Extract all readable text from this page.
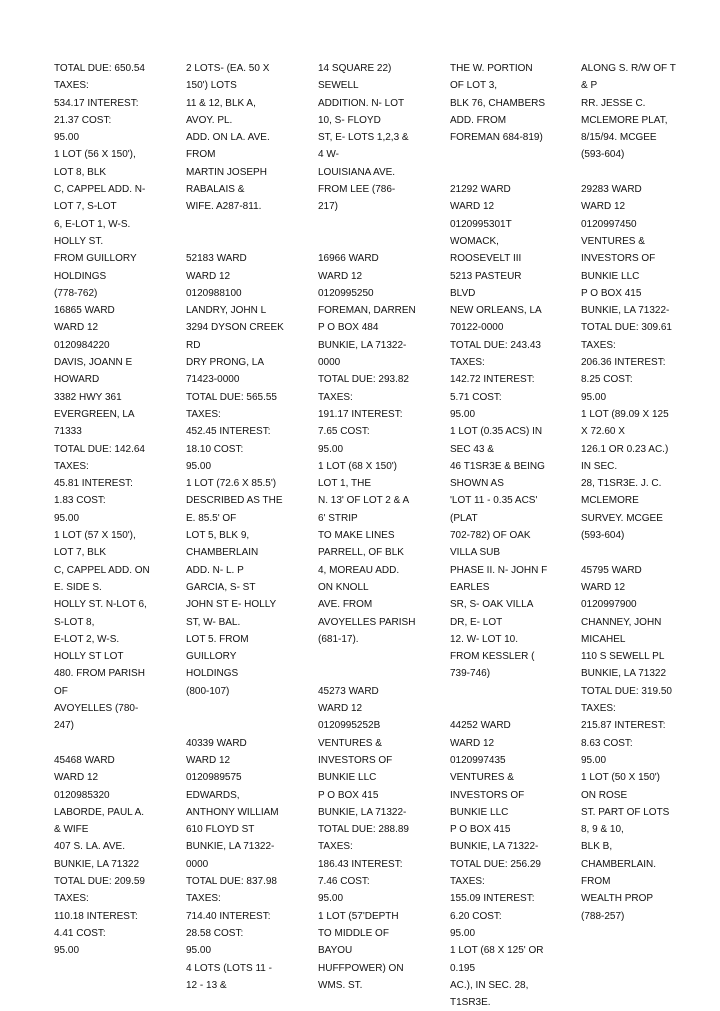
TOTAL DUE: 650.54
TAXES:
534.17 INTEREST:
21.37 COST:
95.00
1 LOT (56 X 150'),
LOT 8, BLK
C, CAPPEL ADD. N-
LOT 7, S-LOT
6, E-LOT 1, W-S.
HOLLY ST.
FROM GUILLORY
HOLDINGS
(778-762)
16865 WARD
WARD 12
0120984220
DAVIS, JOANN E
HOWARD
3382 HWY 361
EVERGREEN, LA
71333
TOTAL DUE: 142.64
TAXES:
45.81 INTEREST:
1.83 COST:
95.00
1 LOT (57 X 150'),
LOT 7, BLK
C, CAPPEL ADD. ON
E. SIDE S.
HOLLY ST. N-LOT 6,
S-LOT 8,
E-LOT 2, W-S.
HOLLY ST LOT
480. FROM PARISH
OF
AVOYELLES (780-
247)
45468 WARD
WARD 12
0120985320
LABORDE, PAUL A.
& WIFE
407 S. LA. AVE.
BUNKIE, LA 71322
TOTAL DUE: 209.59
TAXES:
110.18 INTEREST:
4.41 COST:
95.00
2 LOTS- (EA. 50 X
150') LOTS
11 & 12, BLK A,
AVOY. PL.
ADD. ON LA. AVE.
FROM
MARTIN JOSEPH
RABALAIS &
WIFE. A287-811.
52183 WARD
WARD 12
0120988100
LANDRY, JOHN L
3294 DYSON CREEK
RD
DRY PRONG, LA
71423-0000
TOTAL DUE: 565.55
TAXES:
452.45 INTEREST:
18.10 COST:
95.00
1 LOT (72.6 X 85.5')
DESCRIBED AS THE
E. 85.5' OF
LOT 5, BLK 9,
CHAMBERLAIN
ADD. N- L. P
GARCIA, S- ST
JOHN ST E- HOLLY
ST, W- BAL.
LOT 5. FROM
GUILLORY
HOLDINGS
(800-107)
40339 WARD
WARD 12
0120989575
EDWARDS,
ANTHONY WILLIAM
610 FLOYD ST
BUNKIE, LA 71322-
0000
TOTAL DUE: 837.98
TAXES:
714.40 INTEREST:
28.58 COST:
95.00
4 LOTS (LOTS 11 -
12 - 13 &
14 SQUARE 22)
SEWELL
ADDITION. N- LOT
10, S- FLOYD
ST, E- LOTS 1,2,3 &
4 W-
LOUISIANA AVE.
FROM LEE (786-
217)
16966 WARD
WARD 12
0120995250
FOREMAN, DARREN
P O BOX 484
BUNKIE, LA 71322-
0000
TOTAL DUE: 293.82
TAXES:
191.17 INTEREST:
7.65 COST:
95.00
1 LOT (68 X 150')
LOT 1, THE
N. 13' OF LOT 2 & A
6' STRIP
TO MAKE LINES
PARRELL, OF BLK
4, MOREAU ADD.
ON KNOLL
AVE. FROM
AVOYELLES PARISH
(681-17).
45273 WARD
WARD 12
0120995252B
VENTURES &
INVESTORS OF
BUNKIE LLC
P O BOX 415
BUNKIE, LA 71322-
TOTAL DUE: 288.89
TAXES:
186.43 INTEREST:
7.46 COST:
95.00
1 LOT (57'DEPTH
TO MIDDLE OF
BAYOU
HUFFPOWER) ON
WMS. ST.
THE W. PORTION
OF LOT 3,
BLK 76, CHAMBERS
ADD. FROM
FOREMAN 684-819)
21292 WARD
WARD 12
0120995301T
WOMACK,
ROOSEVELT III
5213 PASTEUR
BLVD
NEW ORLEANS, LA
70122-0000
TOTAL DUE: 243.43
TAXES:
142.72 INTEREST:
5.71 COST:
95.00
1 LOT (0.35 ACS) IN
SEC 43 &
46 T1SR3E & BEING
SHOWN AS
'LOT 11 - 0.35 ACS'
(PLAT
702-782) OF OAK
VILLA SUB
PHASE II. N- JOHN F
EARLES
SR, S- OAK VILLA
DR, E- LOT
12. W- LOT 10.
FROM KESSLER (
739-746)
44252 WARD
WARD 12
0120997435
VENTURES &
INVESTORS OF
BUNKIE LLC
P O BOX 415
BUNKIE, LA 71322-
TOTAL DUE: 256.29
TAXES:
155.09 INTEREST:
6.20 COST:
95.00
1 LOT (68 X 125' OR
0.195
AC.), IN SEC. 28,
T1SR3E.
ALONG S. R/W OF T
& P
RR. JESSE C.
MCLEMORE PLAT,
8/15/94. MCGEE
(593-604)
29283 WARD
WARD 12
0120997450
VENTURES &
INVESTORS OF
BUNKIE LLC
P O BOX 415
BUNKIE, LA 71322-
TOTAL DUE: 309.61
TAXES:
206.36 INTEREST:
8.25 COST:
95.00
1 LOT (89.09 X 125
X 72.60 X
126.1 OR 0.23 AC.)
IN SEC.
28, T1SR3E. J. C.
MCLEMORE
SURVEY. MCGEE
(593-604)
45795 WARD
WARD 12
0120997900
CHANNEY, JOHN
MICAHEL
110 S SEWELL PL
BUNKIE, LA 71322
TOTAL DUE: 319.50
TAXES:
215.87 INTEREST:
8.63 COST:
95.00
1 LOT (50 X 150')
ON ROSE
ST. PART OF LOTS
8, 9 & 10,
BLK B,
CHAMBERLAIN.
FROM
WEALTH PROP
(788-257)
